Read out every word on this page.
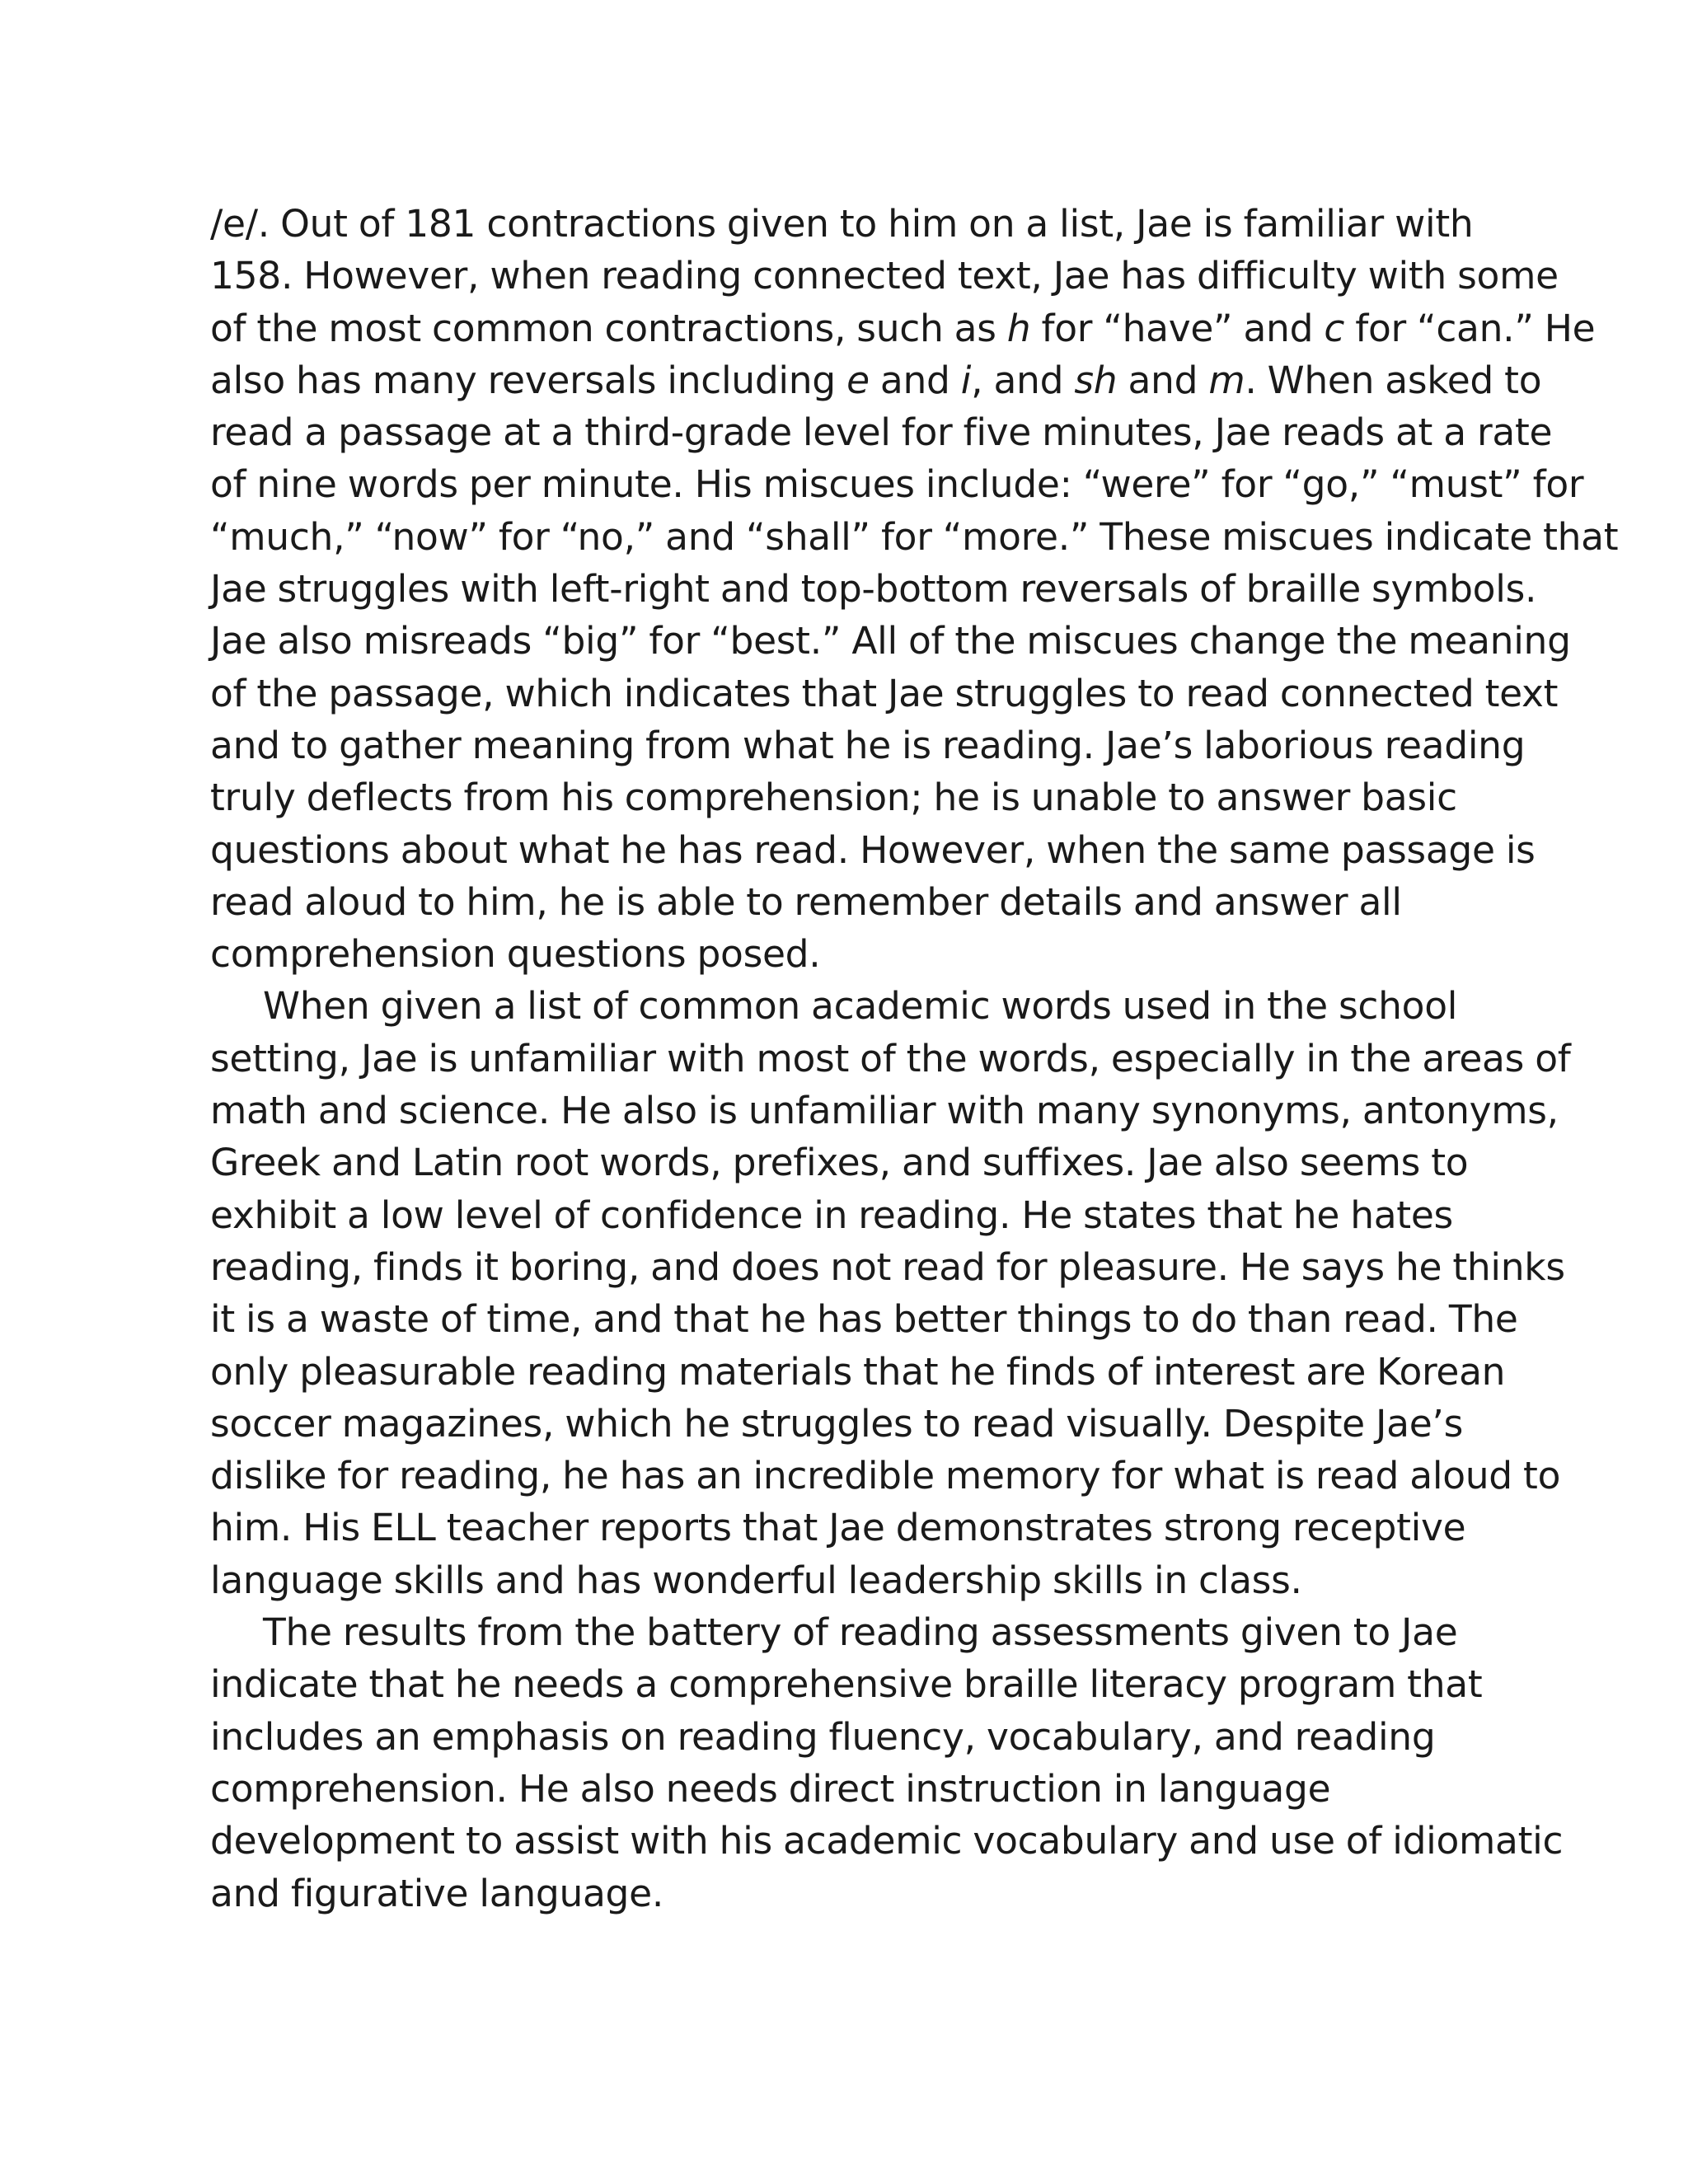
/e/. Out of 181 contractions given to him on a list, Jae is familiar with
158. However, when reading connected text, Jae has difficulty with some
of the most common contractions, such as h for “have” and c for “can.” He
also has many reversals including e and i, and sh and m. When asked to
read a passage at a third-grade level for five minutes, Jae reads at a rate
of nine words per minute. His miscues include: “were” for “go,” “must” for
“much,” “now” for “no,” and “shall” for “more.” These miscues indicate that
Jae struggles with left-right and top-bottom reversals of braille symbols.
Jae also misreads “big” for “best.” All of the miscues change the meaning
of the passage, which indicates that Jae struggles to read connected text
and to gather meaning from what he is reading. Jae’s laborious reading
truly deflects from his comprehension; he is unable to answer basic
questions about what he has read. However, when the same passage is
read aloud to him, he is able to remember details and answer all
comprehension questions posed.
When given a list of common academic words used in the school
setting, Jae is unfamiliar with most of the words, especially in the areas of
math and science. He also is unfamiliar with many synonyms, antonyms,
Greek and Latin root words, prefixes, and suffixes. Jae also seems to
exhibit a low level of confidence in reading. He states that he hates
reading, finds it boring, and does not read for pleasure. He says he thinks
it is a waste of time, and that he has better things to do than read. The
only pleasurable reading materials that he finds of interest are Korean
soccer magazines, which he struggles to read visually. Despite Jae’s
dislike for reading, he has an incredible memory for what is read aloud to
him. His ELL teacher reports that Jae demonstrates strong receptive
language skills and has wonderful leadership skills in class.
The results from the battery of reading assessments given to Jae
indicate that he needs a comprehensive braille literacy program that
includes an emphasis on reading fluency, vocabulary, and reading
comprehension. He also needs direct instruction in language
development to assist with his academic vocabulary and use of idiomatic
and figurative language.
